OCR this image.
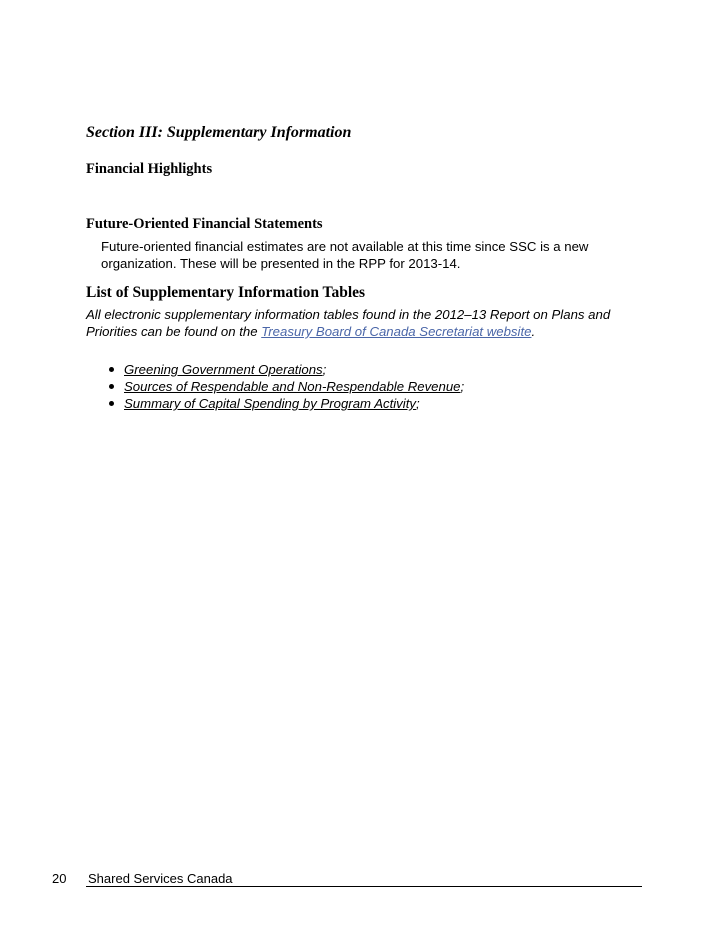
Section III: Supplementary Information
Financial Highlights
Future-Oriented Financial Statements

Future-oriented financial estimates are not available at this time since SSC is a new

organization. These will be presented in the RPP for 2013-14.

List of Supplementary Information Tables

All electronic supplementary information tables found in the 2012–13 Report on Plans and

Priorities can be found on the Treasury Board of Canada Secretariat website.

Greening Government Operations;
Sources of Respendable and Non-Respendable Revenue;
Summary of Capital Spending by Program Activity;
20 Shared Services Canada
